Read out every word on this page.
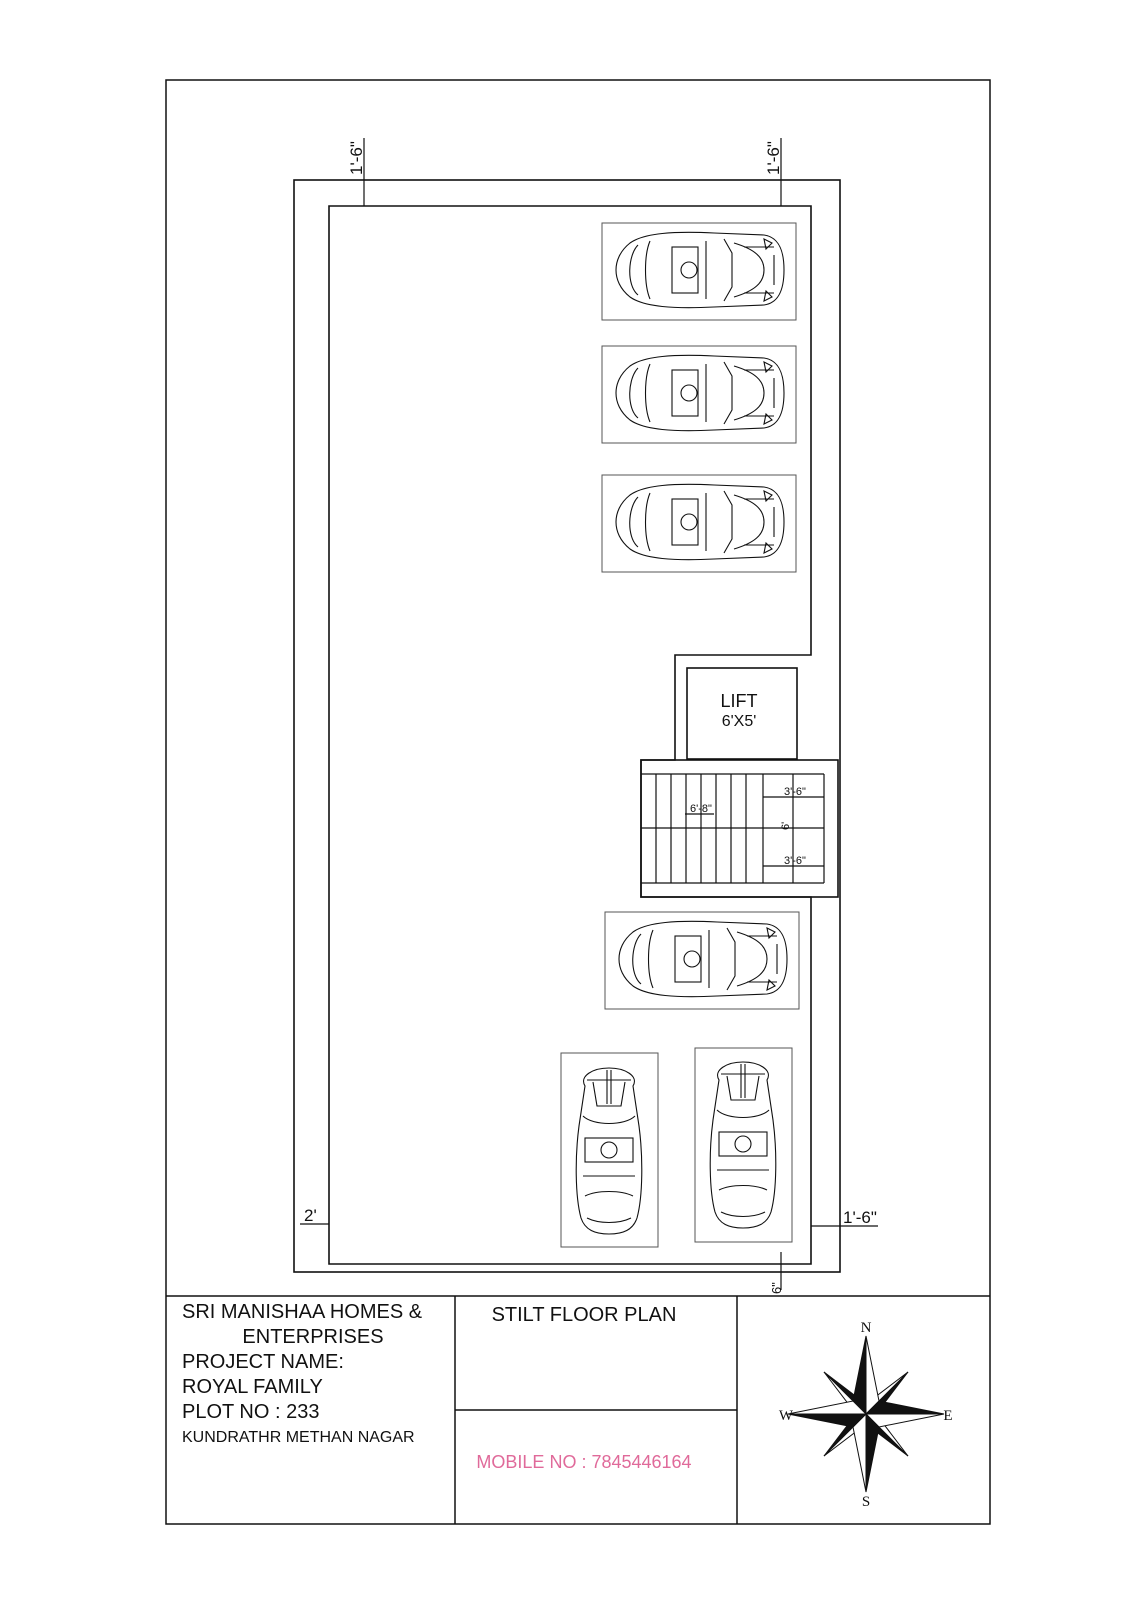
1'-6"	1'-6"
2'	1'-6"
6"
LIFT
6'X5'
6'-8"
3'-6"
6'
3'-6"
N
S
E
W
SRI MANISHAA HOMES &

ENTERPRISES
PROJECT NAME:
ROYAL FAMILY
PLOT NO : 233

KUNDRATHR METHAN NAGAR
STILT FLOOR PLAN
MOBILE NO : 7845446164
